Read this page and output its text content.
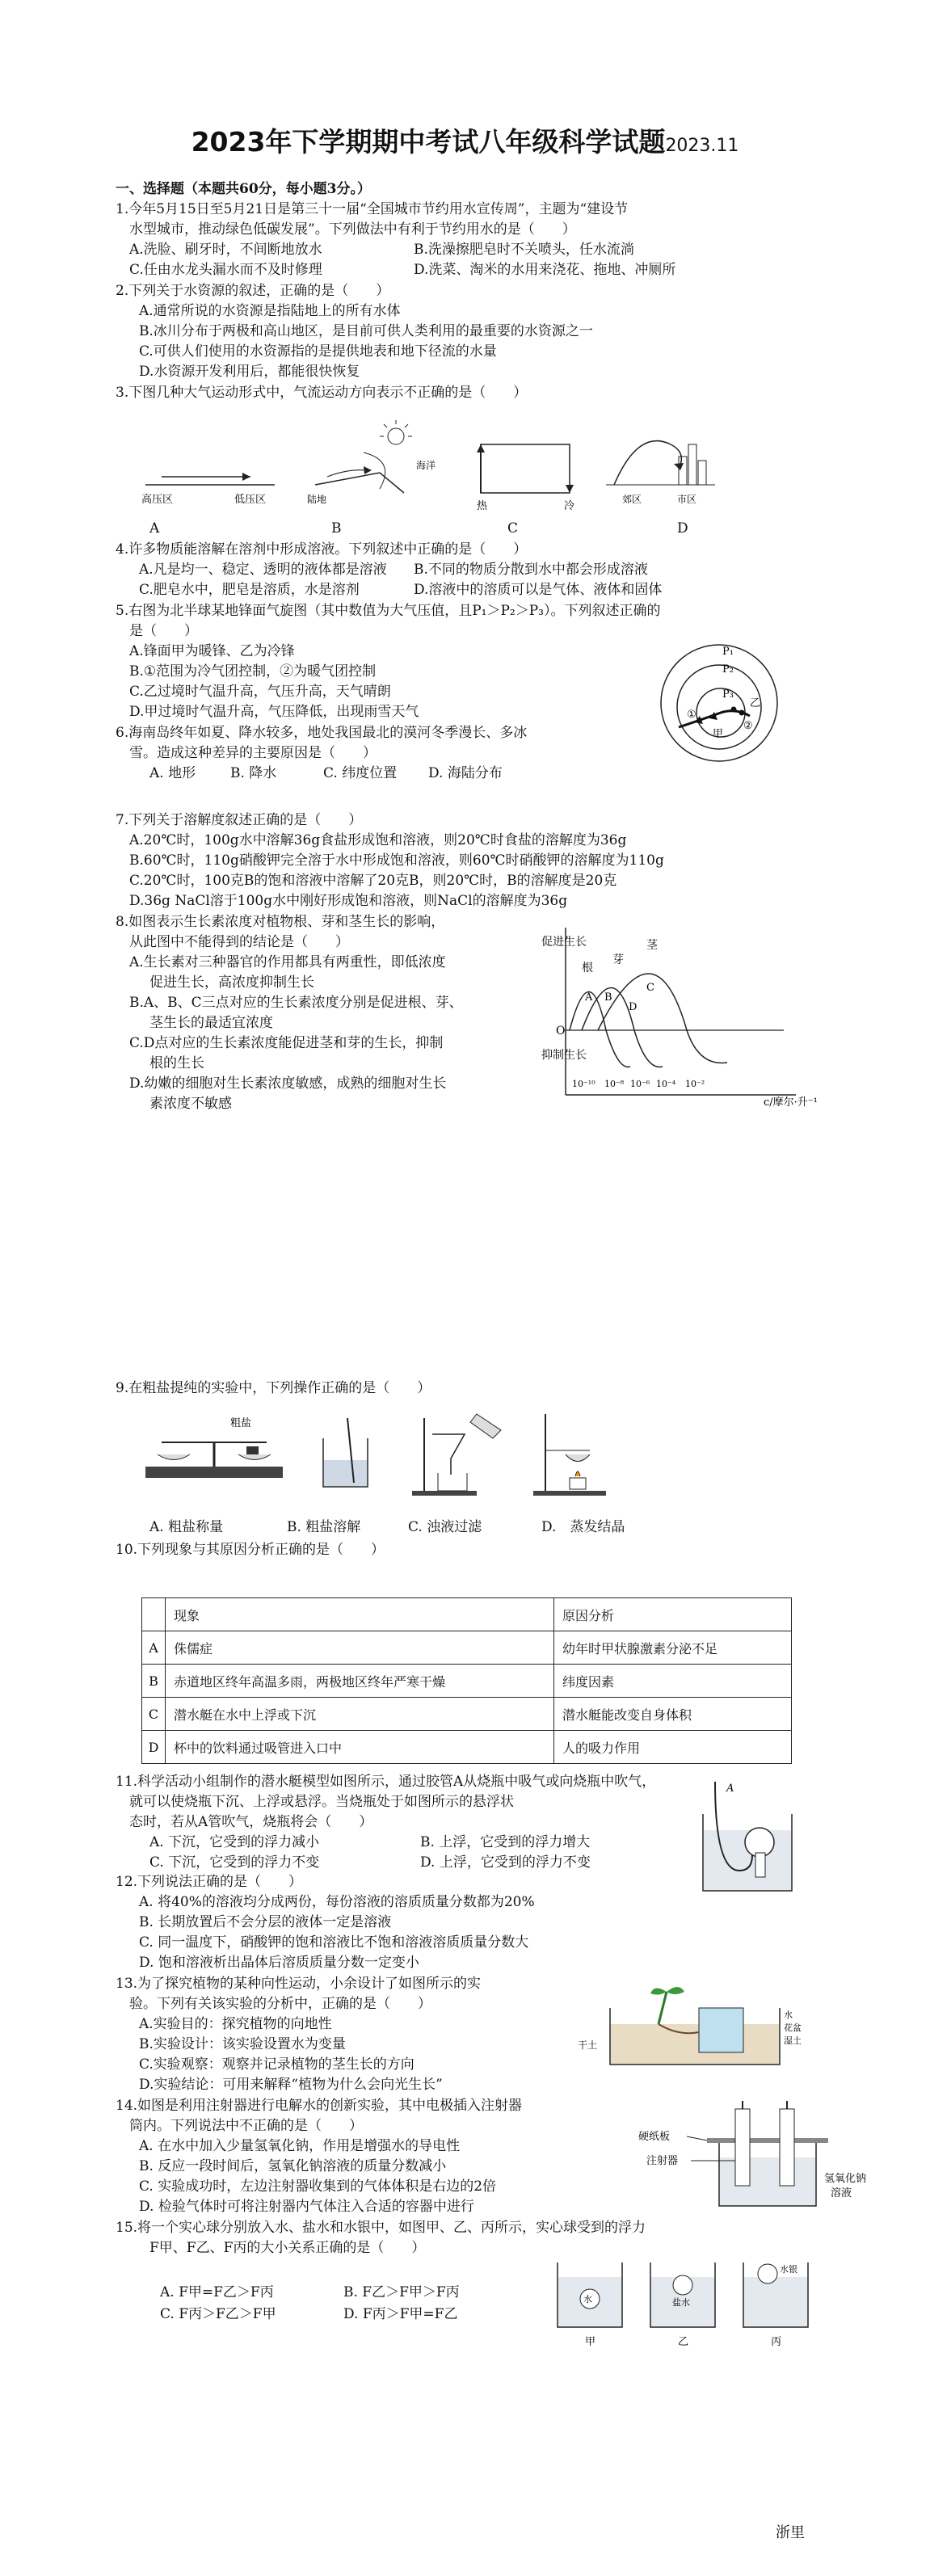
2023年下学期期中考试八年级科学试题2023.11
一、选择题（本题共60分，每小题3分。）
1.今年5月15日至5月21日是第三十一届“全国城市节约用水宣传周”，主题为“建设节
水型城市，推动绿色低碳发展”。下列做法中有利于节约用水的是（　　）
A.洗脸、刷牙时，不间断地放水	B.洗澡擦肥皂时不关喷头，任水流淌
C.任由水龙头漏水而不及时修理	D.洗菜、淘米的水用来浇花、拖地、冲厕所
2.下列关于水资源的叙述，正确的是（　　）
A.通常所说的水资源是指陆地上的所有水体
B.冰川分布于两极和高山地区，是目前可供人类利用的最重要的水资源之一
C.可供人们使用的水资源指的是提供地表和地下径流的水量
D.水资源开发利用后，都能很快恢复
3.下图几种大气运动形式中，气流运动方向表示不正确的是（　　）
高压区	低压区
海洋
陆地
热	冷
郊区	市区
A	B	C	D
4.许多物质能溶解在溶剂中形成溶液。下列叙述中正确的是（　　）
A.凡是均一、稳定、透明的液体都是溶液 B.不同的物质分散到水中都会形成溶液
C.肥皂水中，肥皂是溶质，水是溶剂	D.溶液中的溶质可以是气体、液体和固体
5.右图为北半球某地锋面气旋图（其中数值为大气压值，且P₁＞P₂＞P₃）。下列叙述正确的
是（　　）
A.锋面甲为暖锋、乙为冷锋
B.①范围为冷气团控制，②为暖气团控制
C.乙过境时气温升高，气压升高，天气晴朗
D.甲过境时气温升高，气压降低，出现雨雪天气
P₁
P₂
P₃
甲
乙
①
②
6.海南岛终年如夏、降水较多，地处我国最北的漠河冬季漫长、多冰
雪。造成这种差异的主要原因是（　　）
A. 地形	B. 降水	C. 纬度位置 D. 海陆分布
7.下列关于溶解度叙述正确的是（　　）
A.20℃时，100g水中溶解36g食盐形成饱和溶液，则20℃时食盐的溶解度为36g
B.60℃时，110g硝酸钾完全溶于水中形成饱和溶液，则60℃时硝酸钾的溶解度为110g
C.20℃时，100克B的饱和溶液中溶解了20克B，则20℃时，B的溶解度是20克
D.36g NaCl溶于100g水中刚好形成饱和溶液，则NaCl的溶解度为36g
8.如图表示生长素浓度对植物根、芽和茎生长的影响，
从此图中不能得到的结论是（　　）
A.生长素对三种器官的作用都具有两重性，即低浓度
促进生长，高浓度抑制生长
B.A、B、C三点对应的生长素浓度分别是促进根、芽、
茎生长的最适宜浓度
C.D点对应的生长素浓度能促进茎和芽的生长，抑制
根的生长
D.幼嫩的细胞对生长素浓度敏感，成熟的细胞对生长
素浓度不敏感
促进生长
抑制生长
O
根
芽
茎
A B
C
D
10⁻¹⁰ 10⁻⁸ 10⁻⁶ 10⁻⁴ 10⁻²
c/摩尔·升⁻¹
9.在粗盐提纯的实验中，下列操作正确的是（　　）
粗盐
A. 粗盐称量	B. 粗盐溶解	C. 浊液过滤	D.　蒸发结晶
10.下列现象与其原因分析正确的是（　　）
	现象	原因分析
A	侏儒症	幼年时甲状腺激素分泌不足
B	赤道地区终年高温多雨，两极地区终年严寒干燥	纬度因素
C	潜水艇在水中上浮或下沉	潜水艇能改变自身体积
D	杯中的饮料通过吸管进入口中	人的吸力作用
11.科学活动小组制作的潜水艇模型如图所示，通过胶管A从烧瓶中吸气或向烧瓶中吹气，
就可以使烧瓶下沉、上浮或悬浮。当烧瓶处于如图所示的悬浮状
态时，若从A管吹气，烧瓶将会（　　）
A. 下沉，它受到的浮力减小	B. 上浮，它受到的浮力增大
C. 下沉，它受到的浮力不变	D. 上浮，它受到的浮力不变
A
12.下列说法正确的是（　　）
A. 将40%的溶液均分成两份，每份溶液的溶质质量分数都为20%
B. 长期放置后不会分层的液体一定是溶液
C. 同一温度下，硝酸钾的饱和溶液比不饱和溶液溶质质量分数大
D. 饱和溶液析出晶体后溶质质量分数一定变小
13.为了探究植物的某种向性运动，小余设计了如图所示的实
验。下列有关该实验的分析中，正确的是（　　）
A.实验目的：探究植物的向地性
B.实验设计：该实验设置水为变量
C.实验观察：观察并记录植物的茎生长的方向
D.实验结论：可用来解释“植物为什么会向光生长”
干土
水
花盆
湿土
14.如图是利用注射器进行电解水的创新实验，其中电极插入注射器
筒内。下列说法中不正确的是（　　）
A. 在水中加入少量氢氧化钠，作用是增强水的导电性
B. 反应一段时间后，氢氧化钠溶液的质量分数减小
C. 实验成功时，左边注射器收集到的气体体积是右边的2倍
D. 检验气体时可将注射器内气体注入合适的容器中进行
硬纸板
注射器
氢氧化钠
溶液
15.将一个实心球分别放入水、盐水和水银中，如图甲、乙、丙所示，实心球受到的浮力
F甲、F乙、F丙的大小关系正确的是（　　）
A. F甲=F乙＞F丙	B. F乙＞F甲＞F丙
C. F丙＞F乙＞F甲	D. F丙＞F甲=F乙
水	盐水
水银
甲	乙	丙
浙里
